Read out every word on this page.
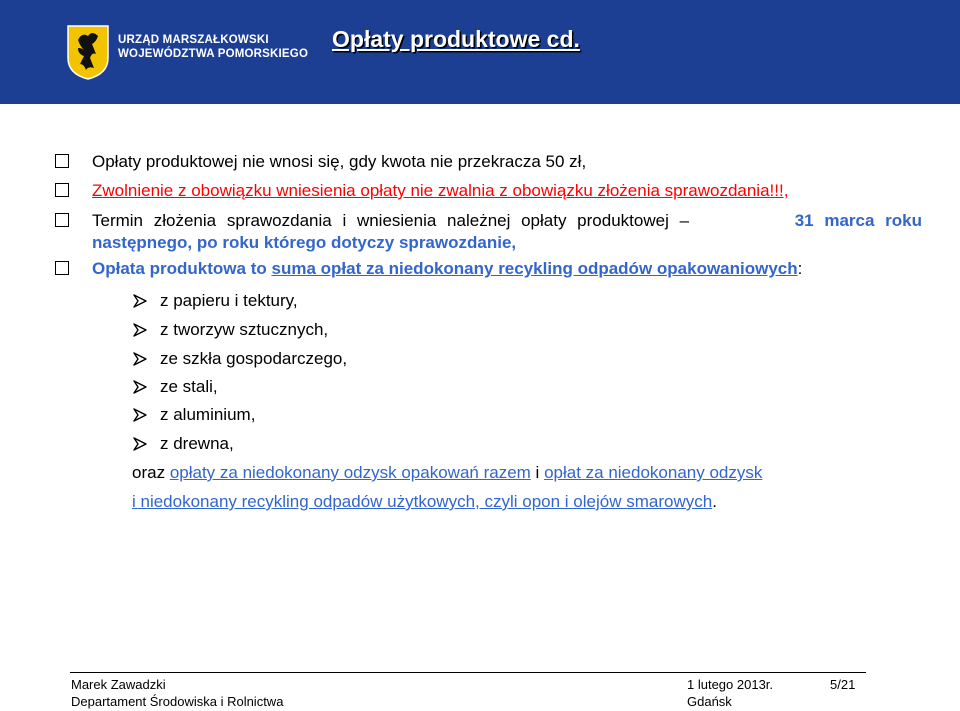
URZĄD MARSZAŁKOWSKI
WOJEWÓDZTWA POMORSKIEGO
Opłaty produktowe cd.
Opłaty produktowej nie wnosi się, gdy kwota nie przekracza 50 zł,
Zwolnienie z obowiązku wniesienia opłaty nie zwalnia z obowiązku złożenia sprawozdania!!!,
Termin złożenia sprawozdania i wniesienia należnej opłaty produktowej –	31 marca roku
następnego, po roku którego dotyczy sprawozdanie,
Opłata produktowa to suma opłat za niedokonany recykling odpadów opakowaniowych:
z papieru i tektury,
z tworzyw sztucznych,
ze szkła gospodarczego,
ze stali,
z aluminium,
z drewna,
oraz opłaty za niedokonany odzysk opakowań razem i opłat za niedokonany odzysk
i niedokonany recykling odpadów użytkowych, czyli opon i olejów smarowych.
Marek Zawadzki
Departament Środowiska i Rolnictwa
1 lutego 2013r.
Gdańsk
5/21
